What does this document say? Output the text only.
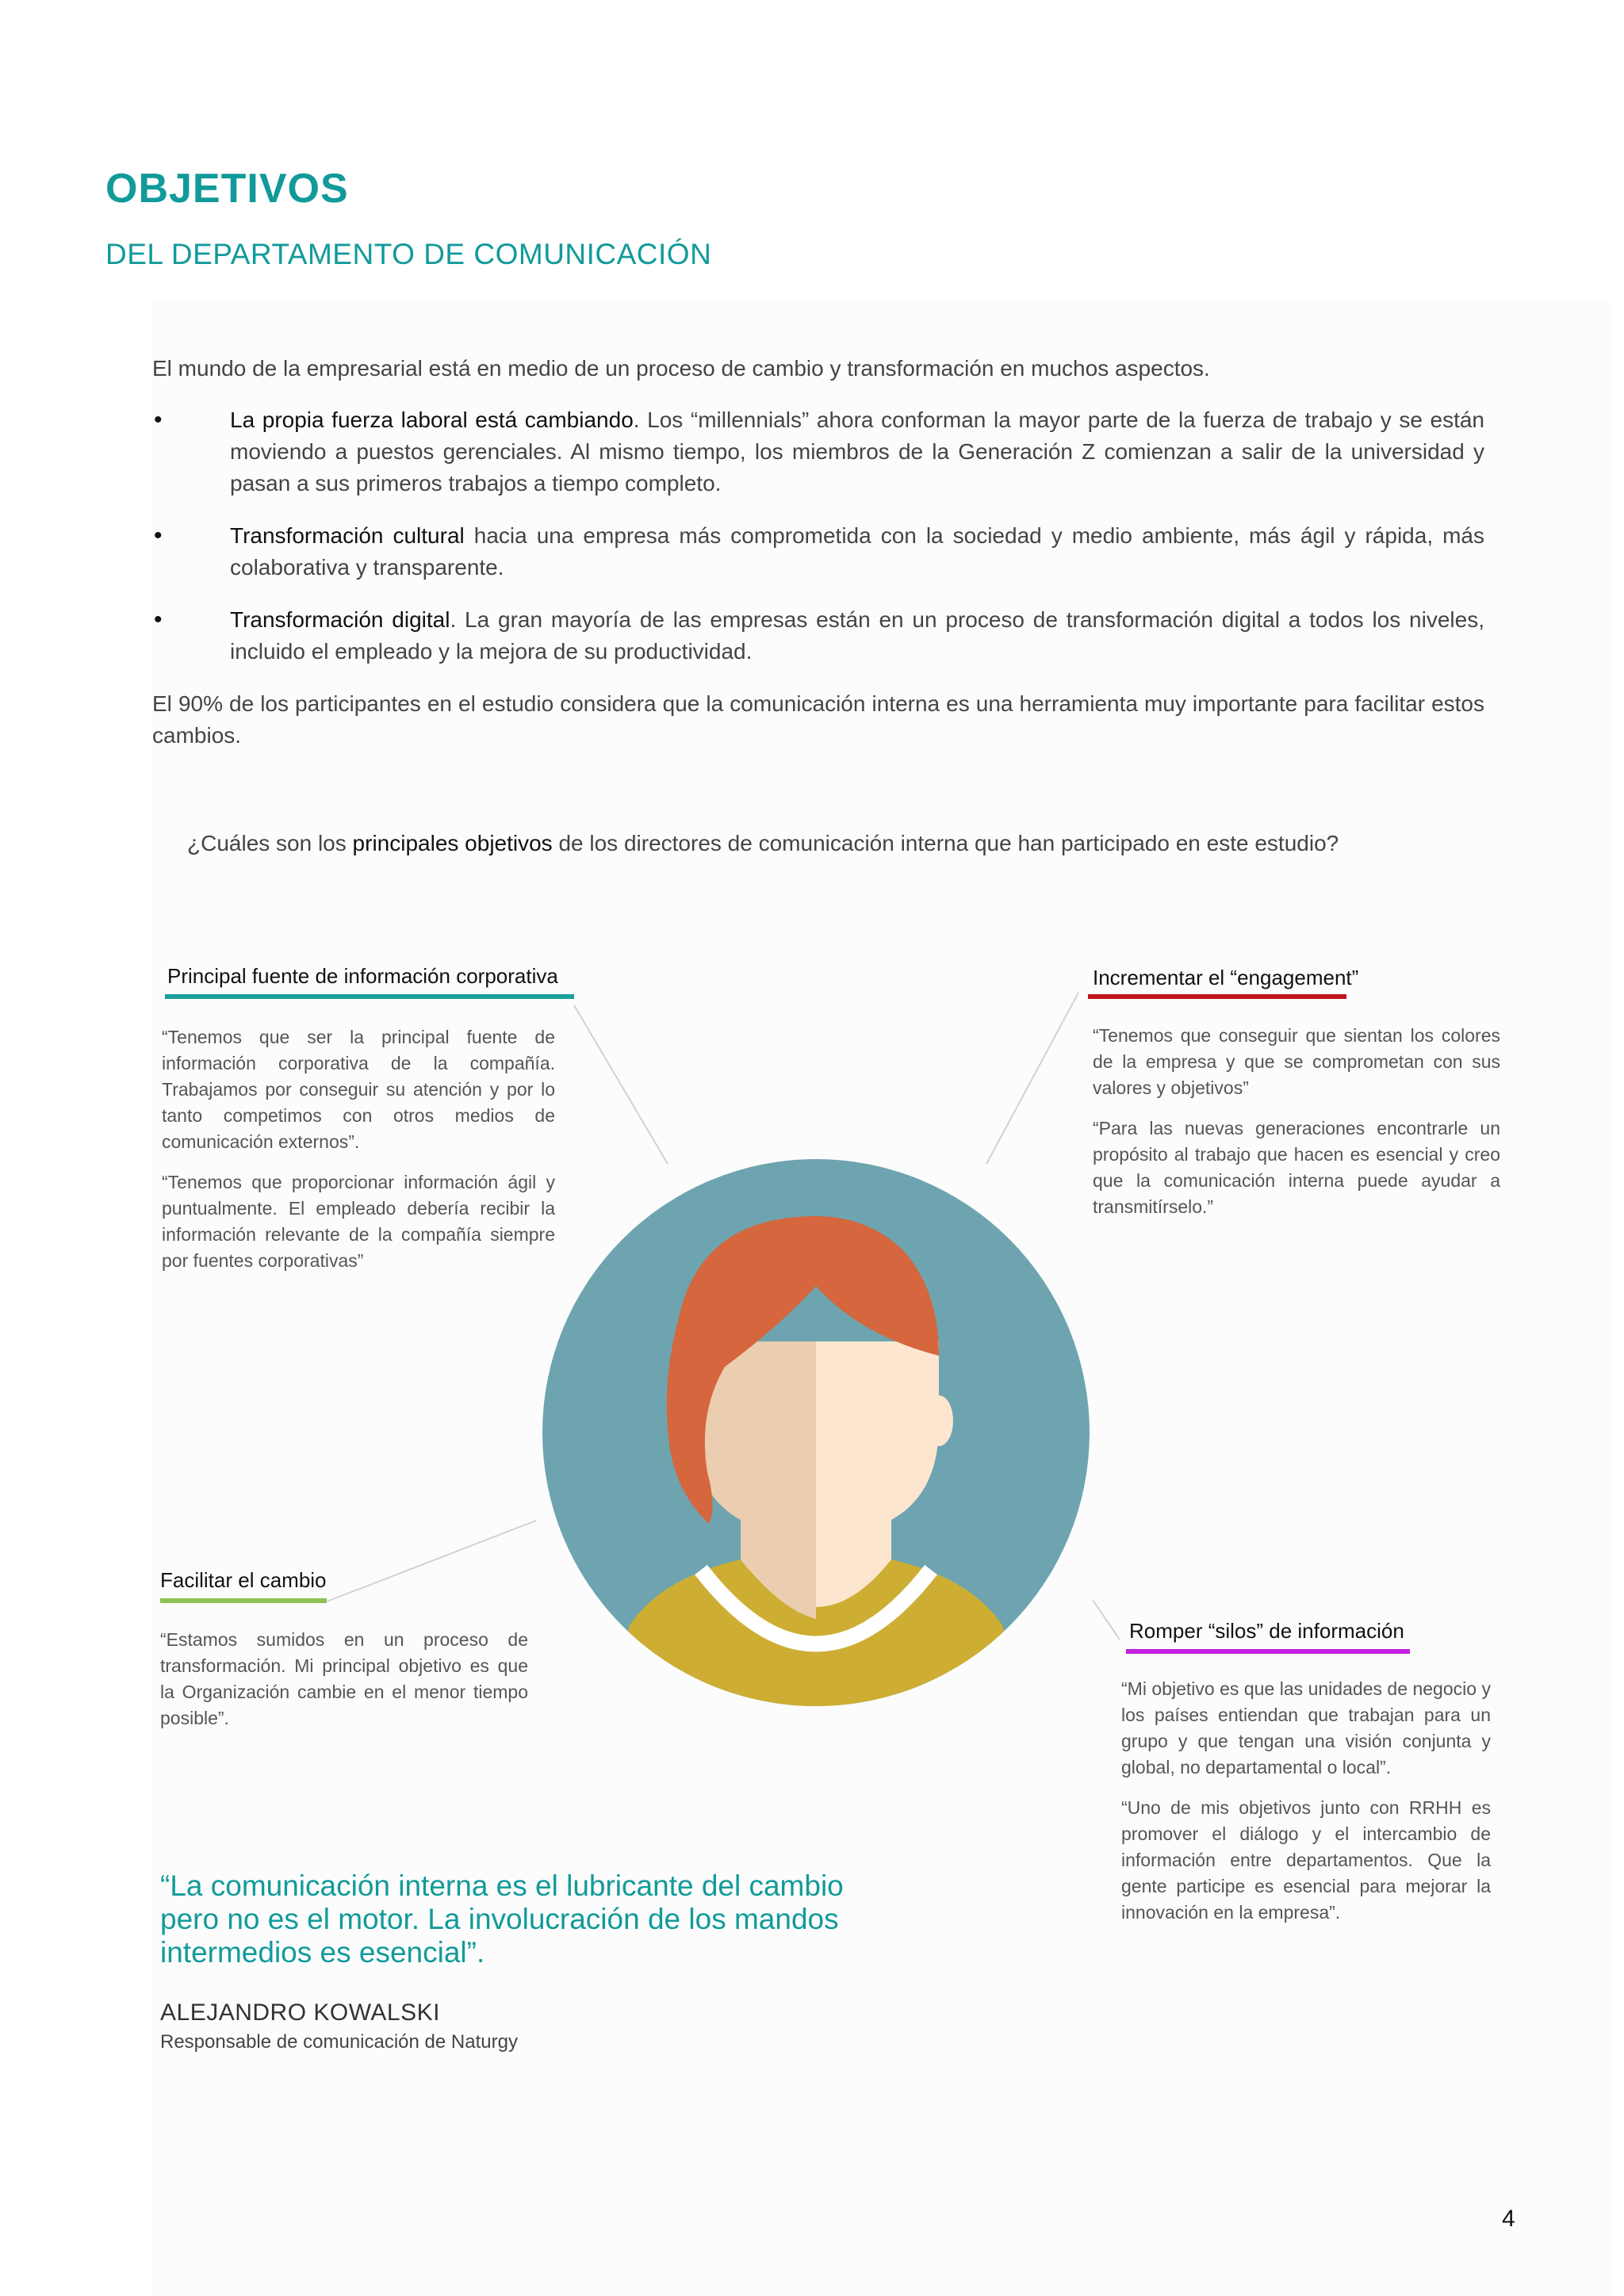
OBJETIVOS
DEL DEPARTAMENTO DE COMUNICACIÓN
El mundo de la empresarial está en medio de un proceso de cambio y transformación en muchos aspectos.
•	La propia fuerza laboral está cambiando. Los “millennials” ahora conforman la mayor parte de la fuerza de trabajo y se están moviendo a puestos gerenciales. Al mismo tiempo, los miembros de la Generación Z comienzan a salir de la universidad y pasan a sus primeros trabajos a tiempo completo.
•	Transformación cultural hacia una empresa más comprometida con la sociedad y medio ambiente, más ágil y rápida, más colaborativa y transparente.
•	Transformación digital. La gran mayoría de las empresas están en un proceso de transformación digital a todos los niveles, incluido el empleado y la mejora de su productividad.
El 90% de los participantes en el estudio considera que la comunicación interna es una herramienta muy importante para facilitar estos cambios.
¿Cuáles son los principales objetivos de los directores de comunicación interna que han participado en este estudio?
Principal fuente de información corporativa

“Tenemos que ser la principal fuente de información corporativa de la compañía. Trabajamos por conseguir su atención y por lo tanto competimos con otros medios de comunicación externos”.

“Tenemos que proporcionar información ágil y puntualmente. El empleado debería recibir la información relevante de la compañía siempre por fuentes corporativas”

Incrementar el “engagement”

“Tenemos que conseguir que sientan los colores de la empresa y que se comprometan con sus valores y objetivos”

“Para las nuevas generaciones encontrarle un propósito al trabajo que hacen es esencial y creo que la comunicación interna puede ayudar a transmitírselo.”

Facilitar el cambio

“Estamos sumidos en un proceso de transformación. Mi principal objetivo es que la Organización cambie en el menor tiempo posible”.

Romper “silos” de información

“Mi objetivo es que las unidades de negocio y los países entiendan que trabajan para un grupo y que tengan una visión conjunta y global, no departamental o local”.

“Uno de mis objetivos junto con RRHH es promover el diálogo y el intercambio de información entre departamentos. Que la gente participe es esencial para mejorar la innovación en la empresa”.

“La comunicación interna es el lubricante del cambio pero no es el motor. La involucración de los mandos intermedios es esencial”.

ALEJANDRO KOWALSKI
Responsable de comunicación de Naturgy
4
